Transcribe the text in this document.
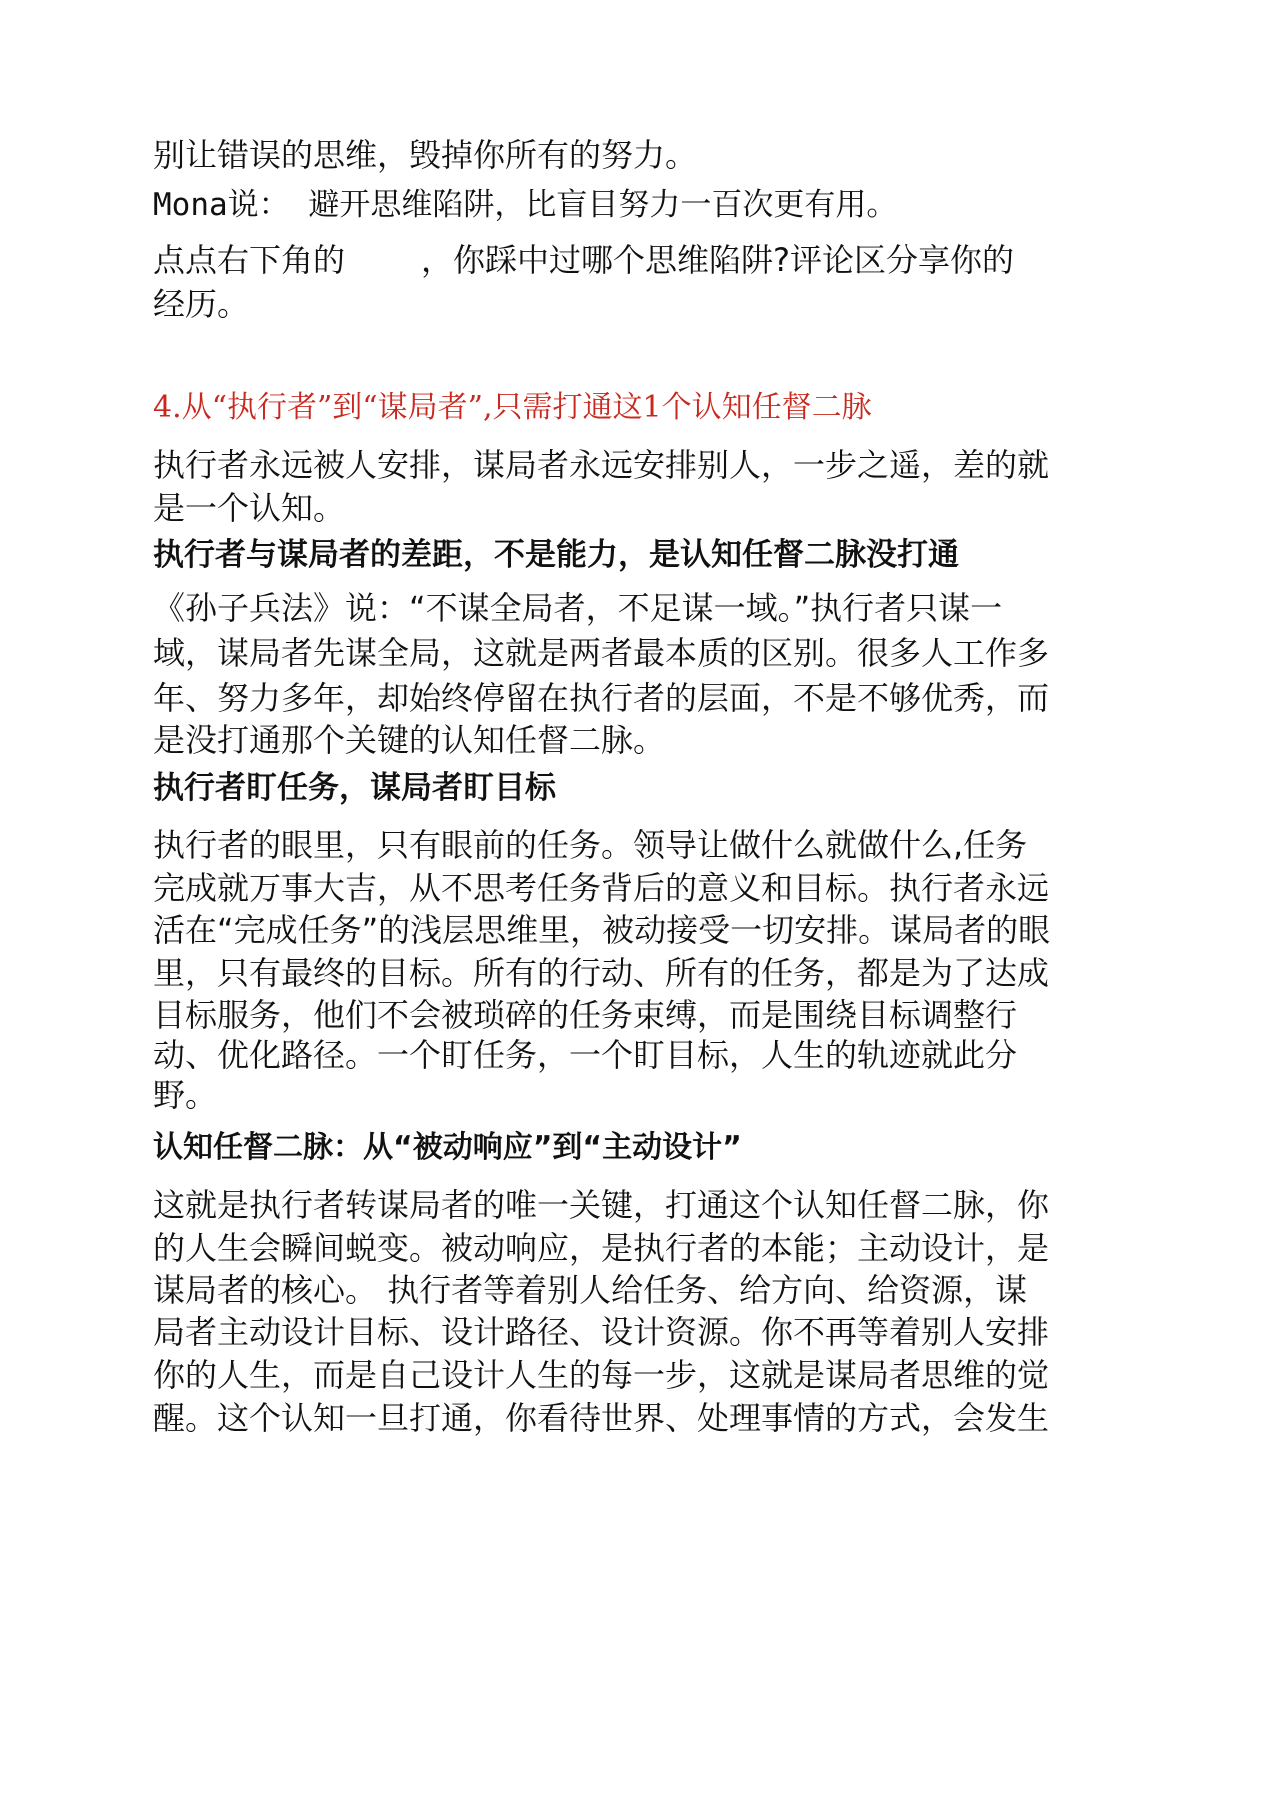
别让错误的思维，毁掉你所有的努力。
Mona说： 避开思维陷阱，比盲目努力一百次更有用。
点点右下角的 ，你踩中过哪个思维陷阱?评论区分享你的
经历。
4.从“执行者”到“谋局者”,只需打通这1个认知任督二脉
执行者永远被人安排，谋局者永远安排别人，一步之遥，差的就
是一个认知。
执行者与谋局者的差距，不是能力，是认知任督二脉没打通
《孙子兵法》说：“不谋全局者，不足谋一域。”执行者只谋一
域，谋局者先谋全局，这就是两者最本质的区别。很多人工作多
年、努力多年，却始终停留在执行者的层面，不是不够优秀，而
是没打通那个关键的认知任督二脉。
执行者盯任务，谋局者盯目标
执行者的眼里，只有眼前的任务。领导让做什么就做什么,任务
完成就万事大吉，从不思考任务背后的意义和目标。执行者永远
活在“完成任务”的浅层思维里，被动接受一切安排。谋局者的眼
里，只有最终的目标。所有的行动、所有的任务，都是为了达成
目标服务，他们不会被琐碎的任务束缚，而是围绕目标调整行
动、优化路径。一个盯任务，一个盯目标，人生的轨迹就此分
野。
认知任督二脉：从“被动响应”到“主动设计”
这就是执行者转谋局者的唯一关键，打通这个认知任督二脉，你
的人生会瞬间蜕变。被动响应，是执行者的本能；主动设计，是
谋局者的核心。 执行者等着别人给任务、给方向、给资源，谋
局者主动设计目标、设计路径、设计资源。你不再等着别人安排
你的人生，而是自己设计人生的每一步，这就是谋局者思维的觉
醒。这个认知一旦打通，你看待世界、处理事情的方式，会发生
